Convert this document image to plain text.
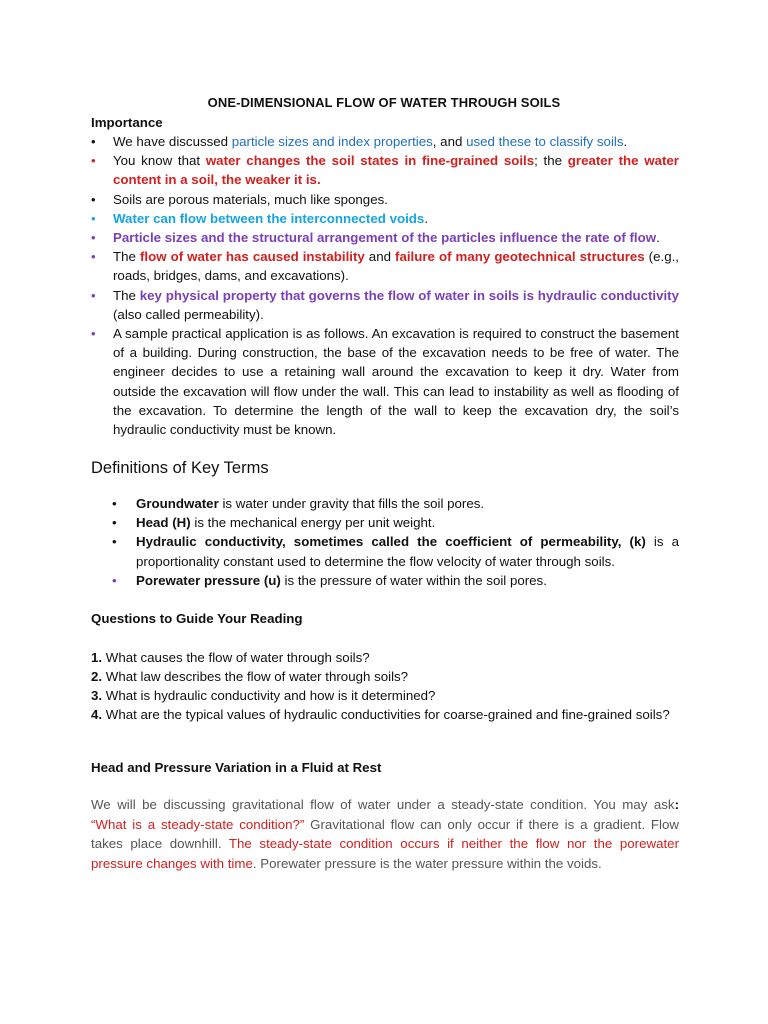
ONE-DIMENSIONAL FLOW OF WATER THROUGH SOILS
Importance
• We have discussed particle sizes and index properties, and used these to classify soils.
• You know that water changes the soil states in fine-grained soils; the greater the water content in a soil, the weaker it is.
• Soils are porous materials, much like sponges.
• Water can flow between the interconnected voids.
• Particle sizes and the structural arrangement of the particles influence the rate of flow.
• The flow of water has caused instability and failure of many geotechnical structures (e.g., roads, bridges, dams, and excavations).
• The key physical property that governs the flow of water in soils is hydraulic conductivity (also called permeability).
• A sample practical application is as follows. An excavation is required to construct the basement of a building. During construction, the base of the excavation needs to be free of water. The engineer decides to use a retaining wall around the excavation to keep it dry. Water from outside the excavation will flow under the wall. This can lead to instability as well as flooding of the excavation. To determine the length of the wall to keep the excavation dry, the soil’s hydraulic conductivity must be known.
Definitions of Key Terms
• Groundwater is water under gravity that fills the soil pores.
• Head (H) is the mechanical energy per unit weight.
• Hydraulic conductivity, sometimes called the coefficient of permeability, (k) is a proportionality constant used to determine the flow velocity of water through soils.
• Porewater pressure (u) is the pressure of water within the soil pores.
Questions to Guide Your Reading
1. What causes the flow of water through soils?
2. What law describes the flow of water through soils?
3. What is hydraulic conductivity and how is it determined?
4. What are the typical values of hydraulic conductivities for coarse-grained and fine-grained soils?
Head and Pressure Variation in a Fluid at Rest
We will be discussing gravitational flow of water under a steady-state condition. You may ask: “What is a steady-state condition?” Gravitational flow can only occur if there is a gradient. Flow takes place downhill. The steady-state condition occurs if neither the flow nor the porewater pressure changes with time. Porewater pressure is the water pressure within the voids.
